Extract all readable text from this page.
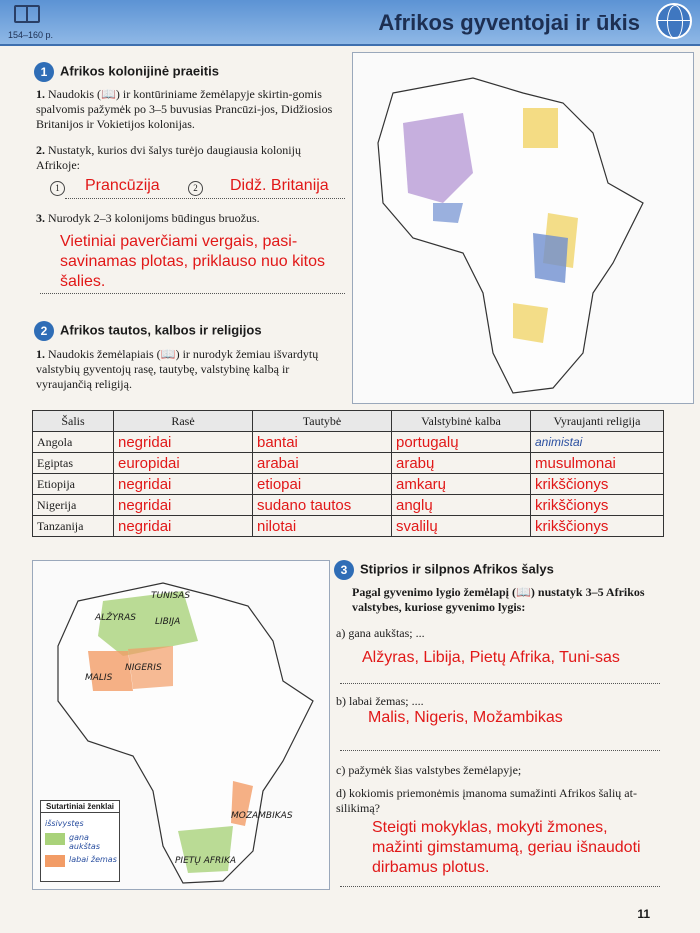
154–160 p.	Afrikos gyventojai ir ūkis
1 Afrikos kolonijinė praeitis
1. Naudokis (📖) ir kontūriniame žemėlapyje skirtin-gomis spalvomis pažymėk po 3–5 buvusias Prancūzi-jos, Didžiosios Britanijos ir Vokietijos kolonijas.
2. Nustatyk, kurios dvi šalys turėjo daugiausia kolonijų Afrikoje:
1	Prancūzija	2	Didž. Britanija
3. Nurodyk 2–3 kolonijoms būdingus bruožus.
Vietiniai paverčiami vergais, pasi-savinamas plotas, priklauso nuo kitos šalies.
2 Afrikos tautos, kalbos ir religijos
1. Naudokis žemėlapiais (📖) ir nurodyk žemiau išvardytų valstybių gyventojų rasę, tautybę, valstybinę kalbą ir vyraujančią religiją.
Šalis	Rasė	Tautybė	Valstybinė kalba	Vyraujanti religija
Angola	negridai	bantai	portugalų	animistai
Egiptas	europidai	arabai	arabų	musulmonai
Etiopija	negridai	etiopai	amkarų	krikščionys
Nigerija	negridai	sudano tautos	anglų	krikščionys
Tanzanija	negridai	nilotai	svalilų	krikščionys
ALŽYRAS LIBIJA
TUNISAS
MALIS
NIGERIS
MOZAMBIKAS
PIETŲ AFRIKA
Sutartiniai ženklai
išsivystęs
gana aukštas
labai žemas
3 Stiprios ir silpnos Afrikos šalys
Pagal gyvenimo lygio žemėlapį (📖) nustatyk 3–5 Afrikos valstybes, kuriose gyvenimo lygis:
a) gana aukštas; ...
Alžyras, Libija, Pietų Afrika, Tuni-sas
b) labai žemas; ....
Malis, Nigeris, Možambikas
c) pažymėk šias valstybes žemėlapyje;
d) kokiomis priemonėmis įmanoma sumažinti Afrikos šalių at-silikimą?
Steigti mokyklas, mokyti žmones, mažinti gimstamumą, geriau išnaudoti dirbamus plotus.
11
